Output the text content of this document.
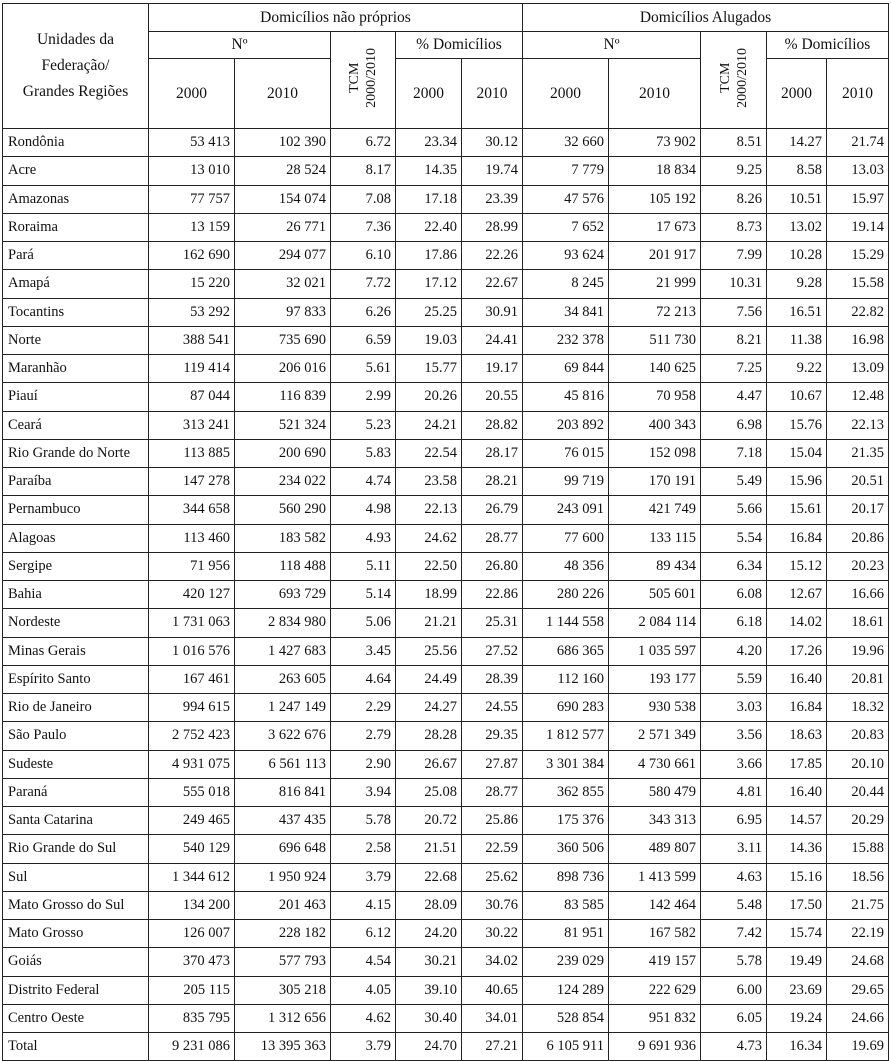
Unidades da
Federação/
Grandes Regiões	Domicílios não próprios					Domicílios Alugados				
	Nº		TCM 2000/2010	% Domicílios		Nº		TCM 2000/2010	% Domicílios	
	2000	2010		2000	2010	2000	2010		2000	2010
Rondônia	53 413	102 390	6.72	23.34	30.12	32 660	73 902	8.51	14.27	21.74
Acre	13 010	28 524	8.17	14.35	19.74	7 779	18 834	9.25	8.58	13.03
Amazonas	77 757	154 074	7.08	17.18	23.39	47 576	105 192	8.26	10.51	15.97
Roraima	13 159	26 771	7.36	22.40	28.99	7 652	17 673	8.73	13.02	19.14
Pará	162 690	294 077	6.10	17.86	22.26	93 624	201 917	7.99	10.28	15.29
Amapá	15 220	32 021	7.72	17.12	22.67	8 245	21 999	10.31	9.28	15.58
Tocantins	53 292	97 833	6.26	25.25	30.91	34 841	72 213	7.56	16.51	22.82
Norte	388 541	735 690	6.59	19.03	24.41	232 378	511 730	8.21	11.38	16.98
Maranhão	119 414	206 016	5.61	15.77	19.17	69 844	140 625	7.25	9.22	13.09
Piauí	87 044	116 839	2.99	20.26	20.55	45 816	70 958	4.47	10.67	12.48
Ceará	313 241	521 324	5.23	24.21	28.82	203 892	400 343	6.98	15.76	22.13
Rio Grande do Norte	113 885	200 690	5.83	22.54	28.17	76 015	152 098	7.18	15.04	21.35
Paraíba	147 278	234 022	4.74	23.58	28.21	99 719	170 191	5.49	15.96	20.51
Pernambuco	344 658	560 290	4.98	22.13	26.79	243 091	421 749	5.66	15.61	20.17
Alagoas	113 460	183 582	4.93	24.62	28.77	77 600	133 115	5.54	16.84	20.86
Sergipe	71 956	118 488	5.11	22.50	26.80	48 356	89 434	6.34	15.12	20.23
Bahia	420 127	693 729	5.14	18.99	22.86	280 226	505 601	6.08	12.67	16.66
Nordeste	1 731 063	2 834 980	5.06	21.21	25.31	1 144 558	2 084 114	6.18	14.02	18.61
Minas Gerais	1 016 576	1 427 683	3.45	25.56	27.52	686 365	1 035 597	4.20	17.26	19.96
Espírito Santo	167 461	263 605	4.64	24.49	28.39	112 160	193 177	5.59	16.40	20.81
Rio de Janeiro	994 615	1 247 149	2.29	24.27	24.55	690 283	930 538	3.03	16.84	18.32
São Paulo	2 752 423	3 622 676	2.79	28.28	29.35	1 812 577	2 571 349	3.56	18.63	20.83
Sudeste	4 931 075	6 561 113	2.90	26.67	27.87	3 301 384	4 730 661	3.66	17.85	20.10
Paraná	555 018	816 841	3.94	25.08	28.77	362 855	580 479	4.81	16.40	20.44
Santa Catarina	249 465	437 435	5.78	20.72	25.86	175 376	343 313	6.95	14.57	20.29
Rio Grande do Sul	540 129	696 648	2.58	21.51	22.59	360 506	489 807	3.11	14.36	15.88
Sul	1 344 612	1 950 924	3.79	22.68	25.62	898 736	1 413 599	4.63	15.16	18.56
Mato Grosso do Sul	134 200	201 463	4.15	28.09	30.76	83 585	142 464	5.48	17.50	21.75
Mato Grosso	126 007	228 182	6.12	24.20	30.22	81 951	167 582	7.42	15.74	22.19
Goiás	370 473	577 793	4.54	30.21	34.02	239 029	419 157	5.78	19.49	24.68
Distrito Federal	205 115	305 218	4.05	39.10	40.65	124 289	222 629	6.00	23.69	29.65
Centro Oeste	835 795	1 312 656	4.62	30.40	34.01	528 854	951 832	6.05	19.24	24.66
Total	9 231 086	13 395 363	3.79	24.70	27.21	6 105 911	9 691 936	4.73	16.34	19.69
